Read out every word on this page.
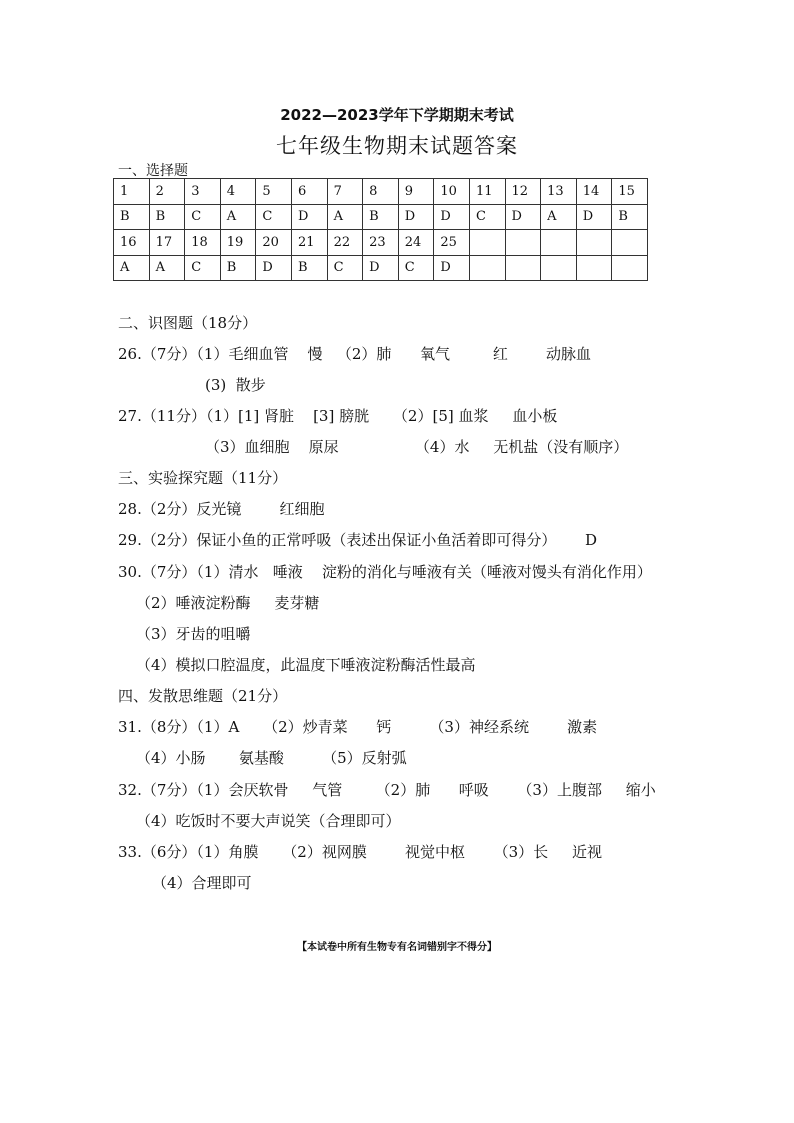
2022—2023学年下学期期末考试
七年级生物期末试题答案
一、选择题
1	2	3	4	5	6	7	8	9	10	11	12	13	14	15
B	B	C	A	C	D	A	B	D	D	C	D	A	D	B
16	17	18	19	20	21	22	23	24	25					
A	A	C	B	D	B	C	D	C	D					
二、识图题（18分）
26.（7分）（1）毛细血管    慢   （2）肺      氧气         红        动脉血
(3)  散步
27.（11分）（1）[1] 肾脏    [3] 膀胱     （2）[5] 血浆     血小板
（3）血细胞    原尿                （4）水     无机盐（没有顺序）
三、实验探究题（11分）
28.（2分）反光镜        红细胞
29.（2分）保证小鱼的正常呼吸（表述出保证小鱼活着即可得分）      D
30.（7分）（1）清水   唾液    淀粉的消化与唾液有关（唾液对馒头有消化作用）
（2）唾液淀粉酶     麦芽糖
（3）牙齿的咀嚼
（4）模拟口腔温度，此温度下唾液淀粉酶活性最高
四、发散思维题（21分）
31.（8分）（1）A     （2）炒青菜      钙        （3）神经系统        激素
（4）小肠       氨基酸        （5）反射弧
32.（7分）（1）会厌软骨     气管       （2）肺      呼吸      （3）上腹部     缩小
（4）吃饭时不要大声说笑（合理即可）
33.（6分）（1）角膜     （2）视网膜        视觉中枢      （3）长     近视
（4）合理即可
【本试卷中所有生物专有名词错别字不得分】
